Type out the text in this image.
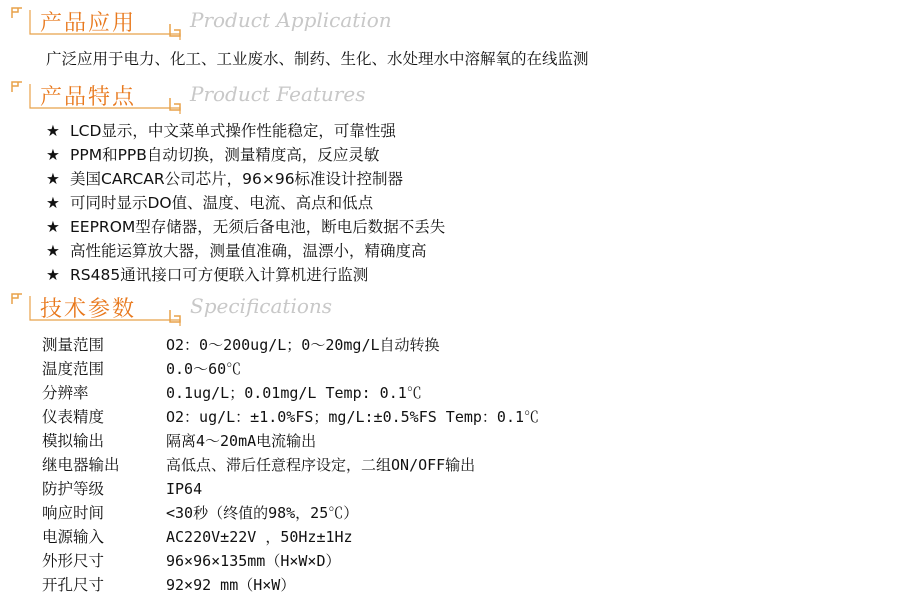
产品应用	Product Application
广泛应用于电力、化工、工业废水、制药、生化、水处理水中溶解氧的在线监测
产品特点	Product Features
★ LCD显示，中文菜单式操作性能稳定，可靠性强
★ PPM和PPB自动切换，测量精度高，反应灵敏
★ 美国CARCAR公司芯片，96×96标准设计控制器
★ 可同时显示DO值、温度、电流、高点和低点
★ EEPROM型存储器，无须后备电池，断电后数据不丢失
★ 高性能运算放大器，测量值准确，温漂小，精确度高
★ RS485通讯接口可方便联入计算机进行监测
技术参数	Specifications
测量范围	O2：0～200ug/L；0～20mg/L自动转换
温度范围	0.0～60℃
分辨率	0.1ug/L；0.01mg/L Temp: 0.1℃
仪表精度	O2：ug/L：±1.0%FS；mg/L:±0.5%FS Temp：0.1℃
模拟输出	隔离4～20mA电流输出
继电器输出	高低点、滞后任意程序设定，二组ON/OFF输出
防护等级	IP64
响应时间	<30秒（终值的98%，25℃）
电源输入	AC220V±22V ，50Hz±1Hz
外形尺寸	96×96×135mm（H×W×D）
开孔尺寸	92×92 mm（H×W）
